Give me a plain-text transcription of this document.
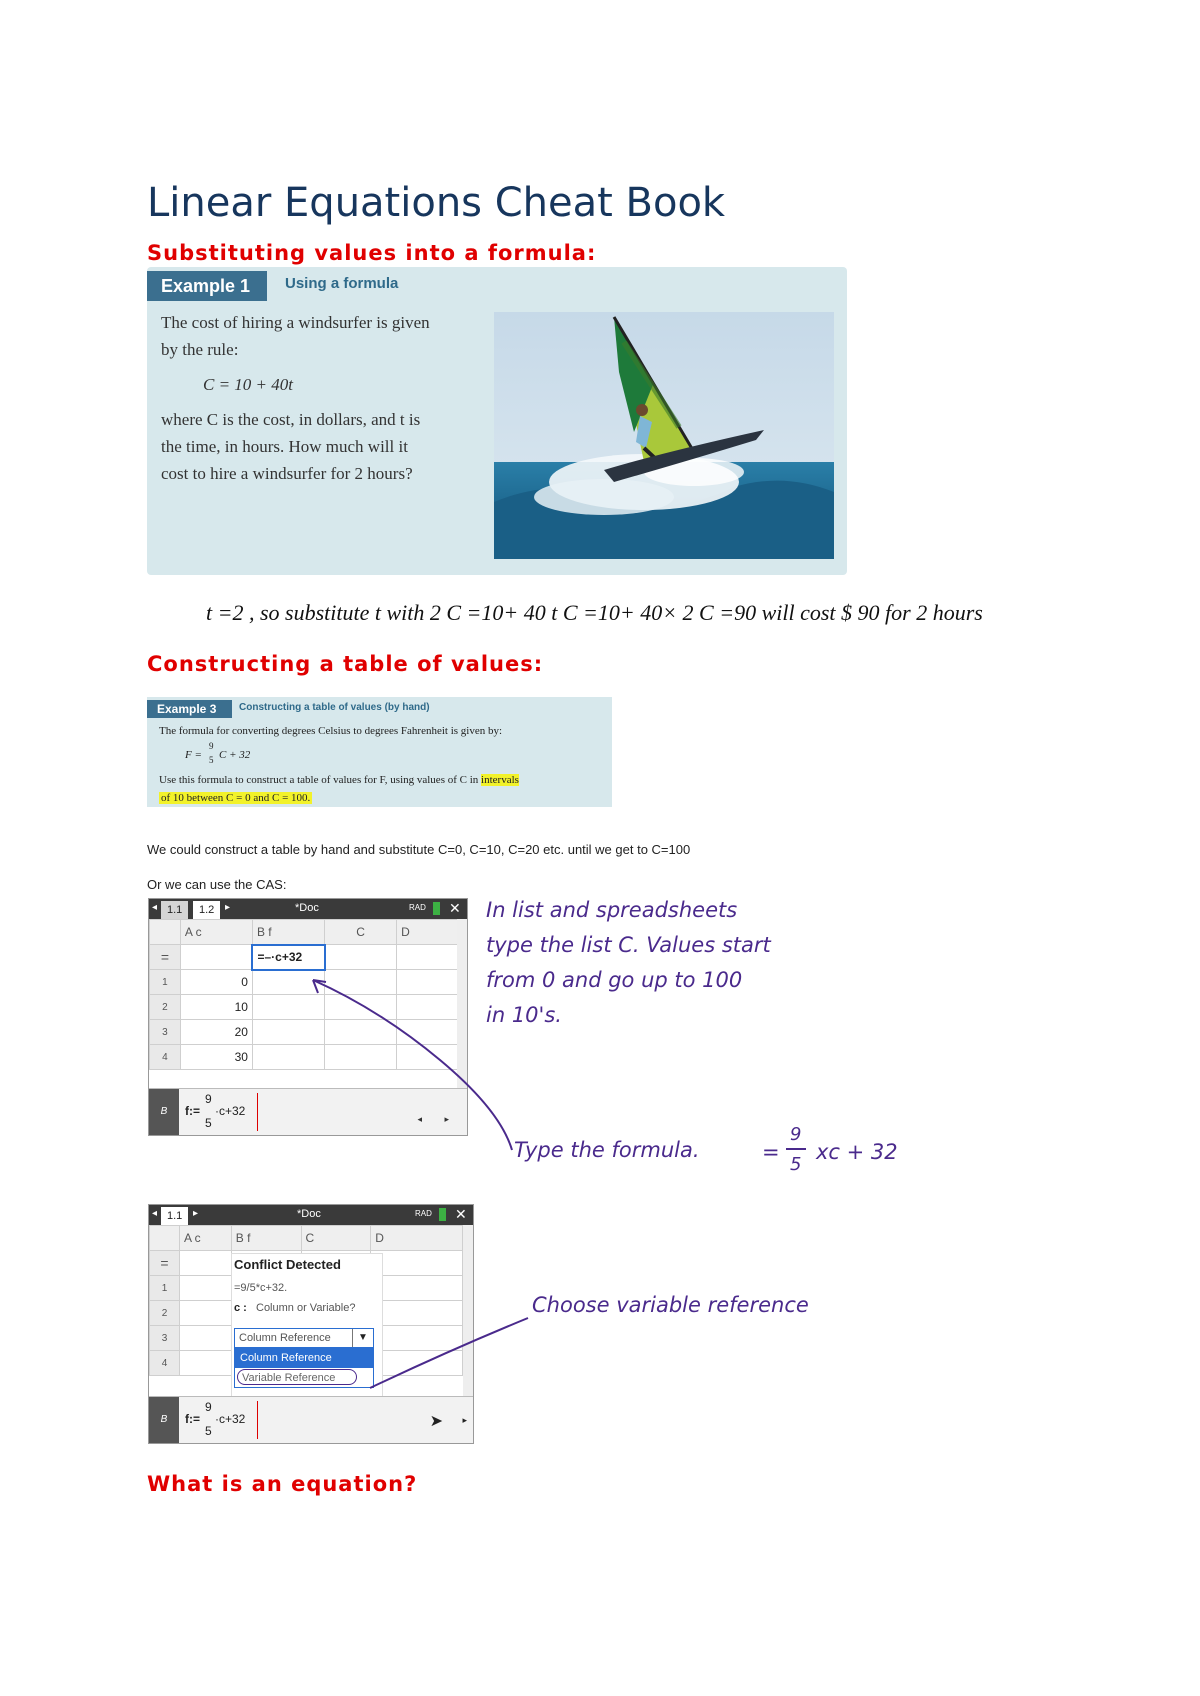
Linear Equations Cheat Book
Substituting values into a formula:
Example 1	Using a formula
The cost of hiring a windsurfer is given
by the rule:
C = 10 + 40t
where C is the cost, in dollars, and t is
the time, in hours. How much will it
cost to hire a windsurfer for 2 hours?
t =2 , so substitute t with 2 C =10+ 40 t C =10+ 40× 2 C =90 will cost $ 90 for 2 hours
Constructing a table of values:
Example 3	Constructing a table of values (by hand)
The formula for converting degrees Celsius to degrees Fahrenheit is given by:
F =
9
5 C + 32
Use this formula to construct a table of values for F, using values of C in intervals
of 10 between C = 0 and C = 100.
We could construct a table by hand and substitute C=0, C=10, C=20 etc. until we get to C=100
Or we can use the CAS:
◂ 1.1	1.2	▸	*Doc	RAD ✕
	A c	B f	C	D
=		=–·c+32		
1	0			
2	10			
3	20			
4	30			
B	f:=
9
5
·c+32
◂ ▸
◂ 1.1	▸	*Doc	RAD ✕
	A c	B f	C	D
=				
1				
2				
3				
4				
Conflict Detected
=9/5*c+32.
c : Column or Variable?
Column Reference	▼
Column Reference
Variable Reference
B	f:=
9
5
·c+32	➤ ▸
In list and spreadsheets
type the list C. Values start
from 0 and go up to 100
in 10's.
Type the formula.	=
9
5
xc + 32
Choose variable reference
What is an equation?
